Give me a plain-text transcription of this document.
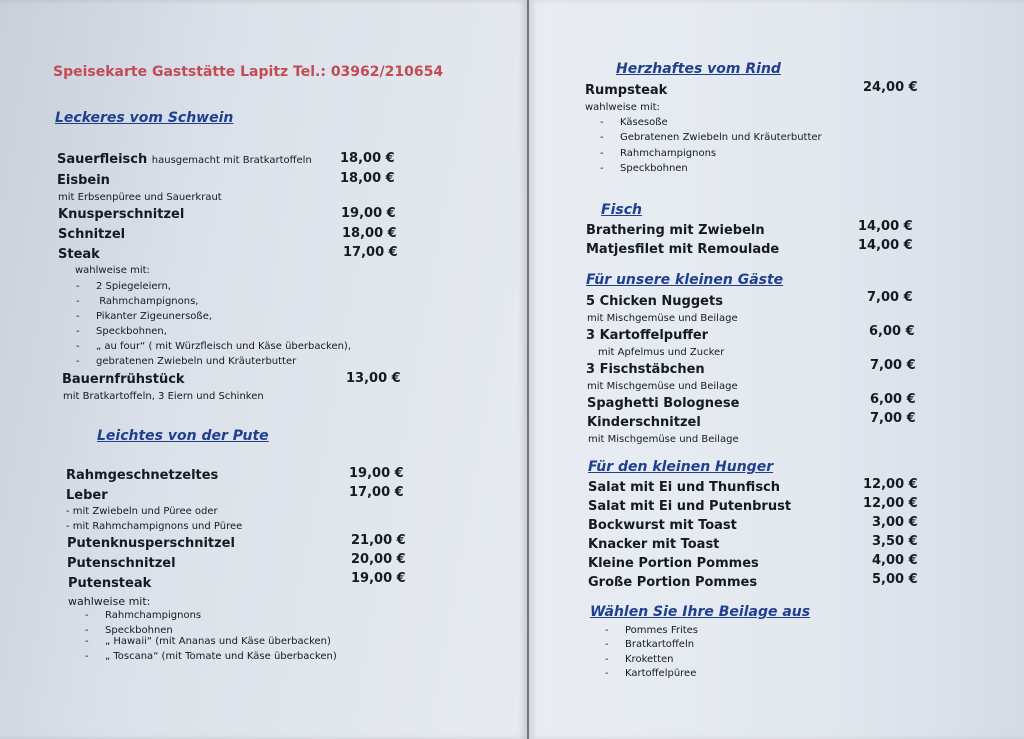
Speisekarte Gaststätte Lapitz Tel.: 03962/210654
Leckeres vom Schwein
Sauerfleisch hausgemacht mit Bratkartoffeln 18,00 €
Eisbein	18,00 €
mit Erbsenpüree und Sauerkraut
Knusperschnitzel	19,00 €
Schnitzel	18,00 €
Steak	17,00 €
wahlweise mit:
- 2 Spiegeleiern,
- Rahmchampignons,
- Pikanter Zigeunersoße,
- Speckbohnen,
- „ au four“ ( mit Würzfleisch und Käse überbacken),
- gebratenen Zwiebeln und Kräuterbutter
Bauernfrühstück	13,00 €
mit Bratkartoffeln, 3 Eiern und Schinken
Leichtes von der Pute
Rahmgeschnetzeltes	19,00 €
Leber	17,00 €
- mit Zwiebeln und Püree oder
- mit Rahmchampignons und Püree
Putenknusperschnitzel	21,00 €
Putenschnitzel	20,00 €
Putensteak	19,00 €
wahlweise mit:
- Rahmchampignons
- Speckbohnen
- „ Hawaii“ (mit Ananas und Käse überbacken)
- „ Toscana“ (mit Tomate und Käse überbacken)
Herzhaftes vom Rind
Rumpsteak	24,00 €
wahlweise mit:
- Käsesoße
- Gebratenen Zwiebeln und Kräuterbutter
- Rahmchampignons
- Speckbohnen
Fisch
Brathering mit Zwiebeln	14,00 €
Matjesfilet mit Remoulade	14,00 €
Für unsere kleinen Gäste
5 Chicken Nuggets	7,00 €
mit Mischgemüse und Beilage
3 Kartoffelpuffer	6,00 €
mit Apfelmus und Zucker
3 Fischstäbchen	7,00 €
mit Mischgemüse und Beilage
Spaghetti Bolognese	6,00 €
Kinderschnitzel	7,00 €
mit Mischgemüse und Beilage
Für den kleinen Hunger
Salat mit Ei und Thunfisch	12,00 €
Salat mit Ei und Putenbrust	12,00 €
Bockwurst mit Toast	3,00 €
Knacker mit Toast	3,50 €
Kleine Portion Pommes	4,00 €
Große Portion Pommes	5,00 €
Wählen Sie Ihre Beilage aus
- Pommes Frites
- Bratkartoffeln
- Kroketten
- Kartoffelpüree
